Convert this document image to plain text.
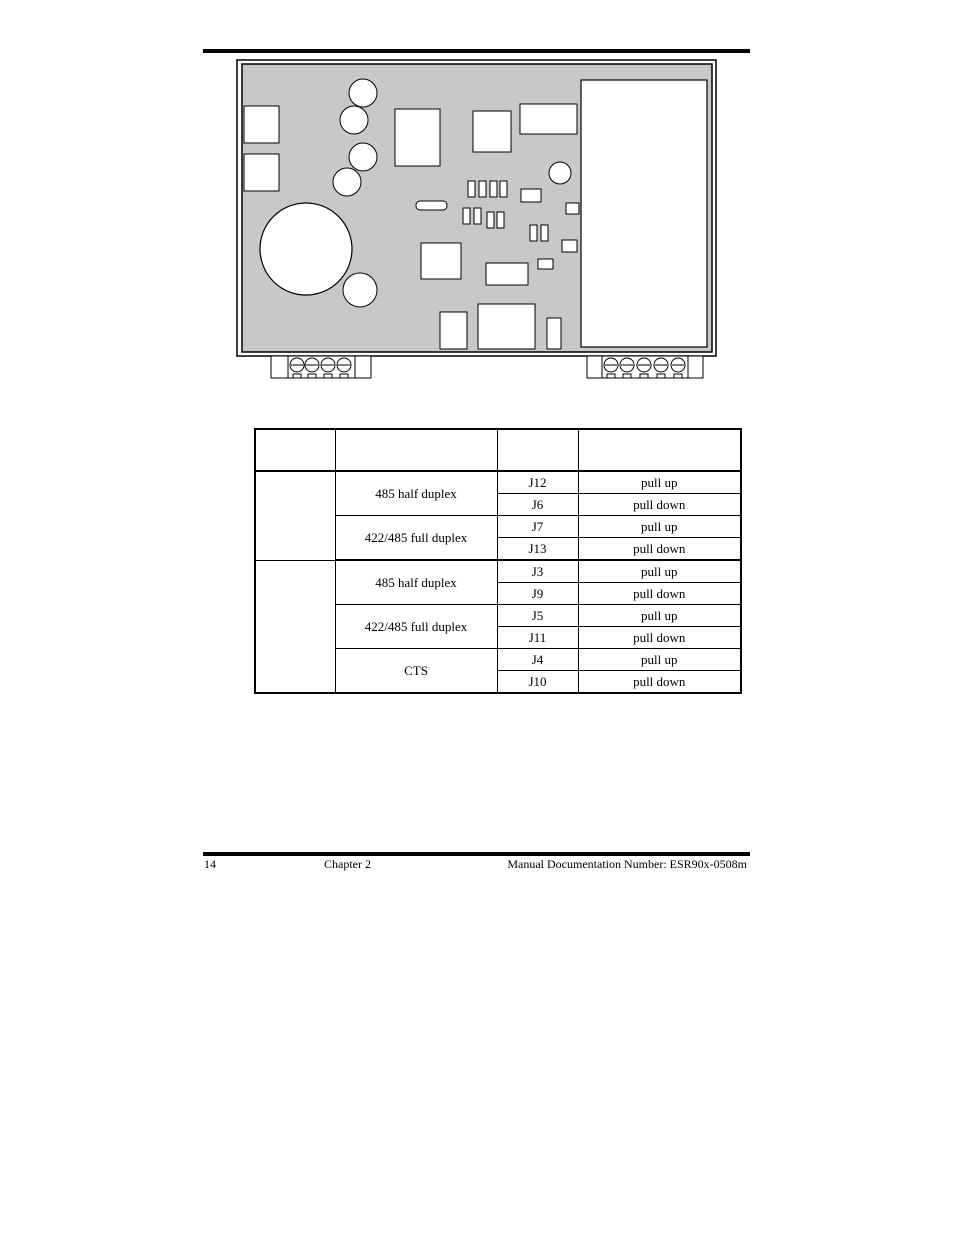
	485 half duplex	J12	pull up
		J6	pull down
	422/485 full duplex	J7	pull up
		J13	pull down
	485 half duplex	J3	pull up
		J9	pull down
	422/485 full duplex	J5	pull up
		J11	pull down
	CTS	J4	pull up
		J10	pull down
14	Chapter 2	Manual Documentation Number: ESR90x-0508m
